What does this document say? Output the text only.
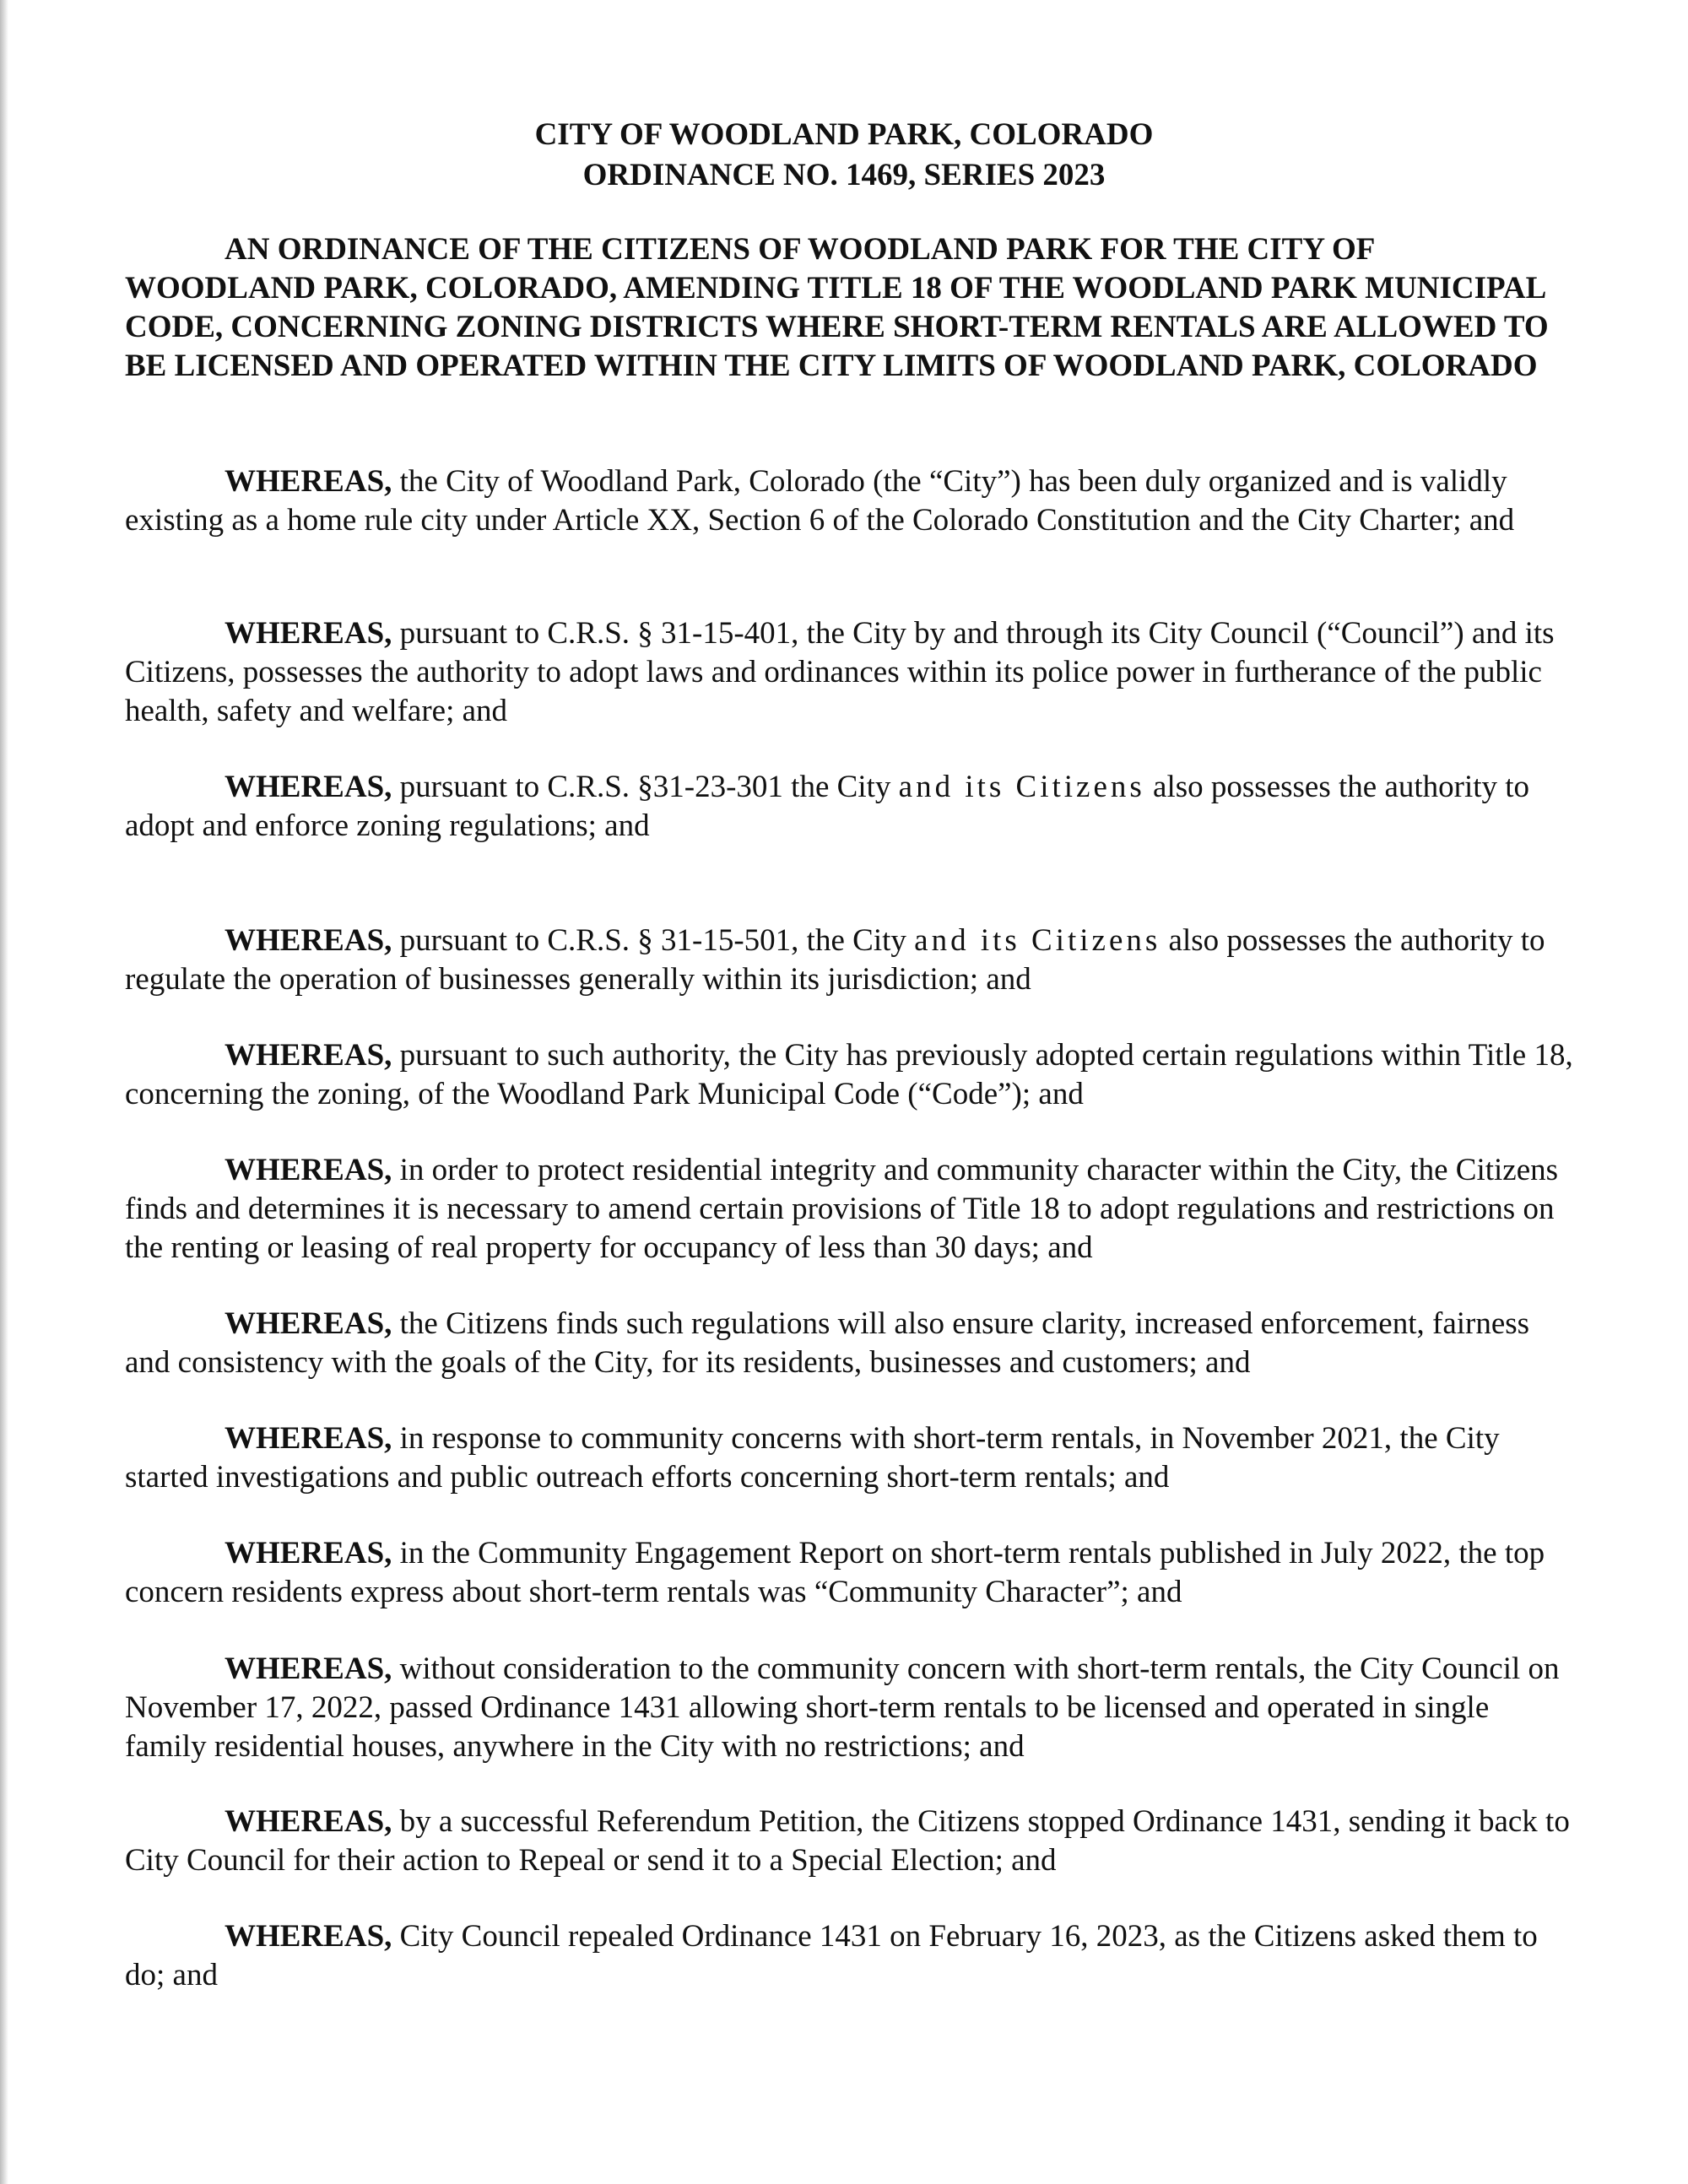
CITY OF WOODLAND PARK, COLORADO
ORDINANCE NO. 1469, SERIES 2023
AN ORDINANCE OF THE CITIZENS OF WOODLAND PARK FOR THE CITY OF
WOODLAND PARK, COLORADO, AMENDING TITLE 18 OF THE WOODLAND PARK MUNICIPAL CODE, CONCERNING ZONING DISTRICTS WHERE SHORT-TERM RENTALS ARE ALLOWED TO BE LICENSED AND OPERATED WITHIN THE CITY LIMITS OF WOODLAND PARK, COLORADO

WHEREAS, the City of Woodland Park, Colorado (the “City”) has been duly organized and is validly existing as a home rule city under Article XX, Section 6 of the Colorado Constitution and the City Charter; and

WHEREAS, pursuant to C.R.S. § 31-15-401, the City by and through its City Council (“Council”) and its Citizens, possesses the authority to adopt laws and ordinances within its police power in furtherance of the public health, safety and welfare; and

WHEREAS, pursuant to C.R.S. §31-23-301 the City and its Citizens also possesses the authority to adopt and enforce zoning regulations; and

WHEREAS, pursuant to C.R.S. § 31-15-501, the City and its Citizens also possesses the authority to regulate the operation of businesses generally within its jurisdiction; and

WHEREAS, pursuant to such authority, the City has previously adopted certain regulations within Title 18, concerning the zoning, of the Woodland Park Municipal Code (“Code”); and

WHEREAS, in order to protect residential integrity and community character within the City, the Citizens finds and determines it is necessary to amend certain provisions of Title 18 to adopt regulations and restrictions on the renting or leasing of real property for occupancy of less than 30 days; and

WHEREAS, the Citizens finds such regulations will also ensure clarity, increased enforcement, fairness and consistency with the goals of the City, for its residents, businesses and customers; and

WHEREAS, in response to community concerns with short-term rentals, in November 2021, the City started investigations and public outreach efforts concerning short-term rentals; and

WHEREAS, in the Community Engagement Report on short-term rentals published in July 2022, the top concern residents express about short-term rentals was “Community Character”; and

WHEREAS, without consideration to the community concern with short-term rentals, the City Council on November 17, 2022, passed Ordinance 1431 allowing short-term rentals to be licensed and operated in single family residential houses, anywhere in the City with no restrictions; and

WHEREAS, by a successful Referendum Petition, the Citizens stopped Ordinance 1431, sending it back to City Council for their action to Repeal or send it to a Special Election; and

WHEREAS, City Council repealed Ordinance 1431 on February 16, 2023, as the Citizens asked them to do; and
